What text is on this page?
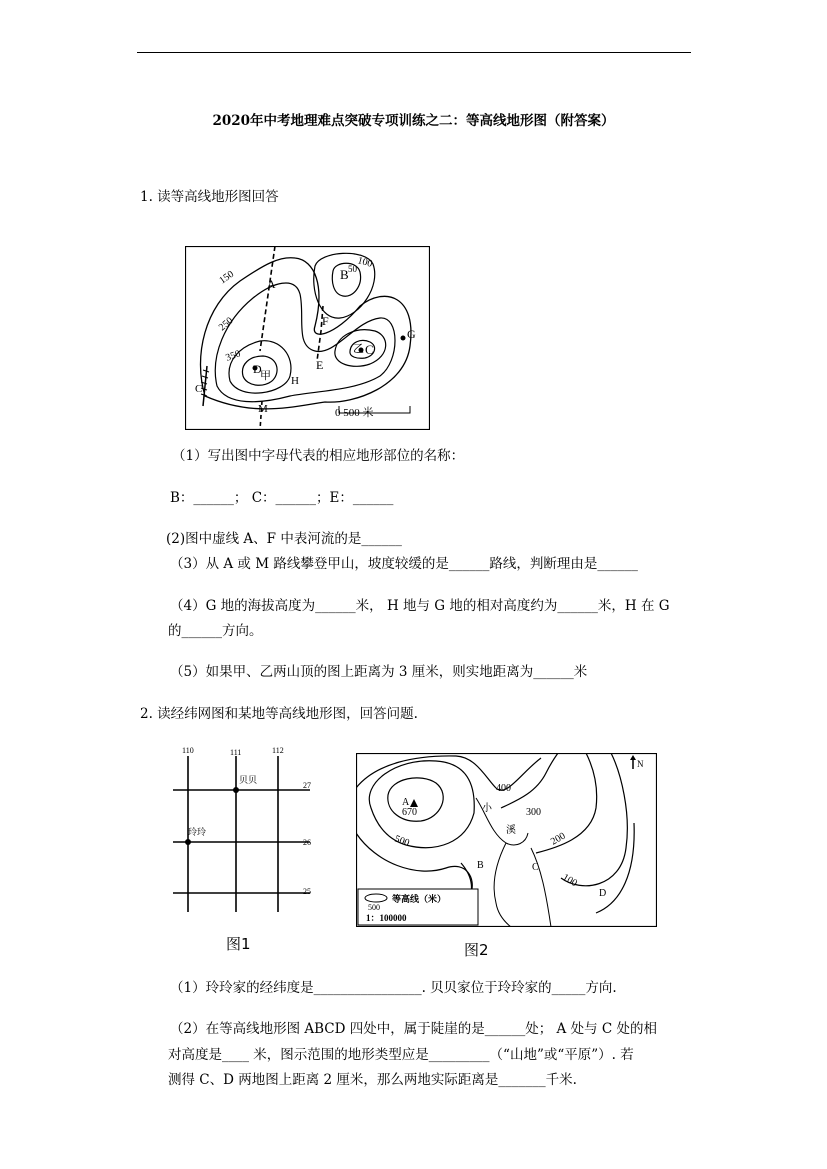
2020年中考地理难点突破专项训练之二：等高线地形图（附答案）
1. 读等高线地形图回答
A
B
C
D	E
F
G
H
M
C
甲
乙
150
250
350
100
50
0 500 米
（1）写出图中字母代表的相应地形部位的名称：
B：______； C：______；E：______
(2)图中虚线 A、F 中表河流的是______
（3）从 A 或 M 路线攀登甲山，坡度较缓的是______路线，判断理由是______
（4）G 地的海拔高度为______米， H 地与 G 地的相对高度约为______米，H 在 G
的______方向。
（5）如果甲、乙两山顶的图上距离为 3 厘米，则实地距离为______米
2. 读经纬网图和某地等高线地形图，回答问题.
110	111	112
27
26
25
贝贝
玲玲
图1
A
670
400
300
500	200
100
小
溪
B	C
D
N
500
等高线（米）
1：100000
图2
（1）玲玲家的经纬度是________________. 贝贝家位于玲玲家的_____方向.
（2）在等高线地形图 ABCD 四处中，属于陡崖的是______处； A 处与 C 处的相
对高度是____ 米，图示范围的地形类型应是_________（“山地”或“平原”）. 若
测得 C、D 两地图上距离 2 厘米，那么两地实际距离是_______千米.
